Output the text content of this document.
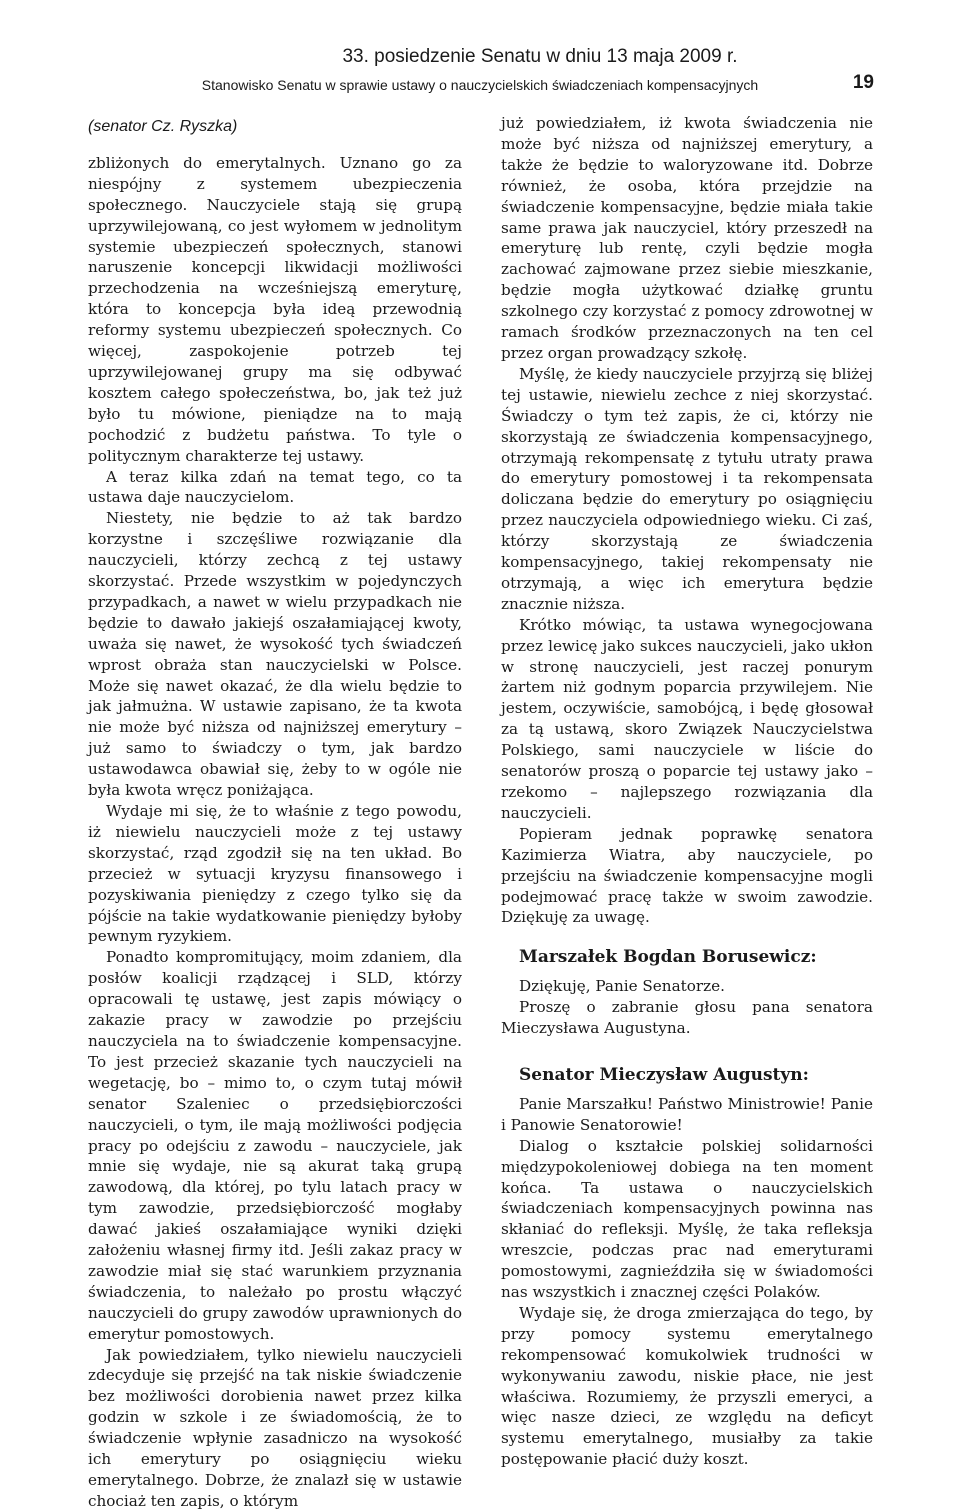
33. posiedzenie Senatu w dniu 13 maja 2009 r.
Stanowisko Senatu w sprawie ustawy o nauczycielskich świadczeniach kompensacyjnych	19
(senator Cz. Ryszka)

zbliżonych do emerytalnych. Uznano go za niespójny z systemem ubezpieczenia społecznego. Nauczyciele stają się grupą uprzywilejowaną, co jest wyłomem w jednolitym systemie ubezpieczeń społecznych, stanowi naruszenie koncepcji likwidacji możliwości przechodzenia na wcześniejszą emeryturę, która to koncepcja była ideą przewodnią reformy systemu ubezpieczeń społecznych. Co więcej, zaspokojenie potrzeb tej uprzywilejowanej grupy ma się odbywać kosztem całego społeczeństwa, bo, jak też już było tu mówione, pieniądze na to mają pochodzić z budżetu państwa. To tyle o politycznym charakterze tej ustawy.

A teraz kilka zdań na temat tego, co ta ustawa daje nauczycielom.

Niestety, nie będzie to aż tak bardzo korzystne i szczęśliwe rozwiązanie dla nauczycieli, którzy zechcą z tej ustawy skorzystać. Przede wszystkim w pojedynczych przypadkach, a nawet w wielu przypadkach nie będzie to dawało jakiejś oszałamiającej kwoty, uważa się nawet, że wysokość tych świadczeń wprost obraża stan nauczycielski w Polsce. Może się nawet okazać, że dla wielu będzie to jak jałmużna. W ustawie zapisano, że ta kwota nie może być niższa od najniższej emerytury – już samo to świadczy o tym, jak bardzo ustawodawca obawiał się, żeby to w ogóle nie była kwota wręcz poniżająca.

Wydaje mi się, że to właśnie z tego powodu, iż niewielu nauczycieli może z tej ustawy skorzystać, rząd zgodził się na ten układ. Bo przecież w sytuacji kryzysu finansowego i pozyskiwania pieniędzy z czego tylko się da pójście na takie wydatkowanie pieniędzy byłoby pewnym ryzykiem.

Ponadto kompromitujący, moim zdaniem, dla posłów koalicji rządzącej i SLD, którzy opracowali tę ustawę, jest zapis mówiący o zakazie pracy w zawodzie po przejściu nauczyciela na to świadczenie kompensacyjne. To jest przecież skazanie tych nauczycieli na wegetację, bo – mimo to, o czym tutaj mówił senator Szaleniec o przedsiębiorczości nauczycieli, o tym, ile mają możliwości podjęcia pracy po odejściu z zawodu – nauczyciele, jak mnie się wydaje, nie są akurat taką grupą zawodową, dla której, po tylu latach pracy w tym zawodzie, przedsiębiorczość mogłaby dawać jakieś oszałamiające wyniki dzięki założeniu własnej firmy itd. Jeśli zakaz pracy w zawodzie miał się stać warunkiem przyznania świadczenia, to należało po prostu włączyć nauczycieli do grupy zawodów uprawnionych do emerytur pomostowych.

Jak powiedziałem, tylko niewielu nauczycieli zdecyduje się przejść na tak niskie świadczenie bez możliwości dorobienia nawet przez kilka godzin w szkole i ze świadomością, że to świadczenie wpłynie zasadniczo na wysokość ich emerytury po osiągnięciu wieku emerytalnego. Dobrze, że znalazł się w ustawie chociaż ten zapis, o którym

już powiedziałem, iż kwota świadczenia nie może być niższa od najniższej emerytury, a także że będzie to waloryzowane itd. Dobrze również, że osoba, która przejdzie na świadczenie kompensacyjne, będzie miała takie same prawa jak nauczyciel, który przeszedł na emeryturę lub rentę, czyli będzie mogła zachować zajmowane przez siebie mieszkanie, będzie mogła użytkować działkę gruntu szkolnego czy korzystać z pomocy zdrowotnej w ramach środków przeznaczonych na ten cel przez organ prowadzący szkołę.

Myślę, że kiedy nauczyciele przyjrzą się bliżej tej ustawie, niewielu zechce z niej skorzystać. Świadczy o tym też zapis, że ci, którzy nie skorzystają ze świadczenia kompensacyjnego, otrzymają rekompensatę z tytułu utraty prawa do emerytury pomostowej i ta rekompensata doliczana będzie do emerytury po osiągnięciu przez nauczyciela odpowiedniego wieku. Ci zaś, którzy skorzystają ze świadczenia kompensacyjnego, takiej rekompensaty nie otrzymają, a więc ich emerytura będzie znacznie niższa.

Krótko mówiąc, ta ustawa wynegocjowana przez lewicę jako sukces nauczycieli, jako ukłon w stronę nauczycieli, jest raczej ponurym żartem niż godnym poparcia przywilejem. Nie jestem, oczywiście, samobójcą, i będę głosował za tą ustawą, skoro Związek Nauczycielstwa Polskiego, sami nauczyciele w liście do senatorów proszą o poparcie tej ustawy jako – rzekomo – najlepszego rozwiązania dla nauczycieli.

Popieram jednak poprawkę senatora Kazimierza Wiatra, aby nauczyciele, po przejściu na świadczenie kompensacyjne mogli podejmować pracę także w swoim zawodzie. Dziękuję za uwagę.

Marszałek Bogdan Borusewicz:

Dziękuję, Panie Senatorze.

Proszę o zabranie głosu pana senatora Mieczysława Augustyna.

Senator Mieczysław Augustyn:

Panie Marszałku! Państwo Ministrowie! Panie i Panowie Senatorowie!

Dialog o kształcie polskiej solidarności międzypokoleniowej dobiega na ten moment końca. Ta ustawa o nauczycielskich świadczeniach kompensacyjnych powinna nas skłaniać do refleksji. Myślę, że taka refleksja wreszcie, podczas prac nad emeryturami pomostowymi, zagnieździła się w świadomości nas wszystkich i znacznej części Polaków.

Wydaje się, że droga zmierzająca do tego, by przy pomocy systemu emerytalnego rekompensować komukolwiek trudności w wykonywaniu zawodu, niskie płace, nie jest właściwa. Rozumiemy, że przyszli emeryci, a więc nasze dzieci, ze względu na deficyt systemu emerytalnego, musiałby za takie postępowanie płacić duży koszt.
